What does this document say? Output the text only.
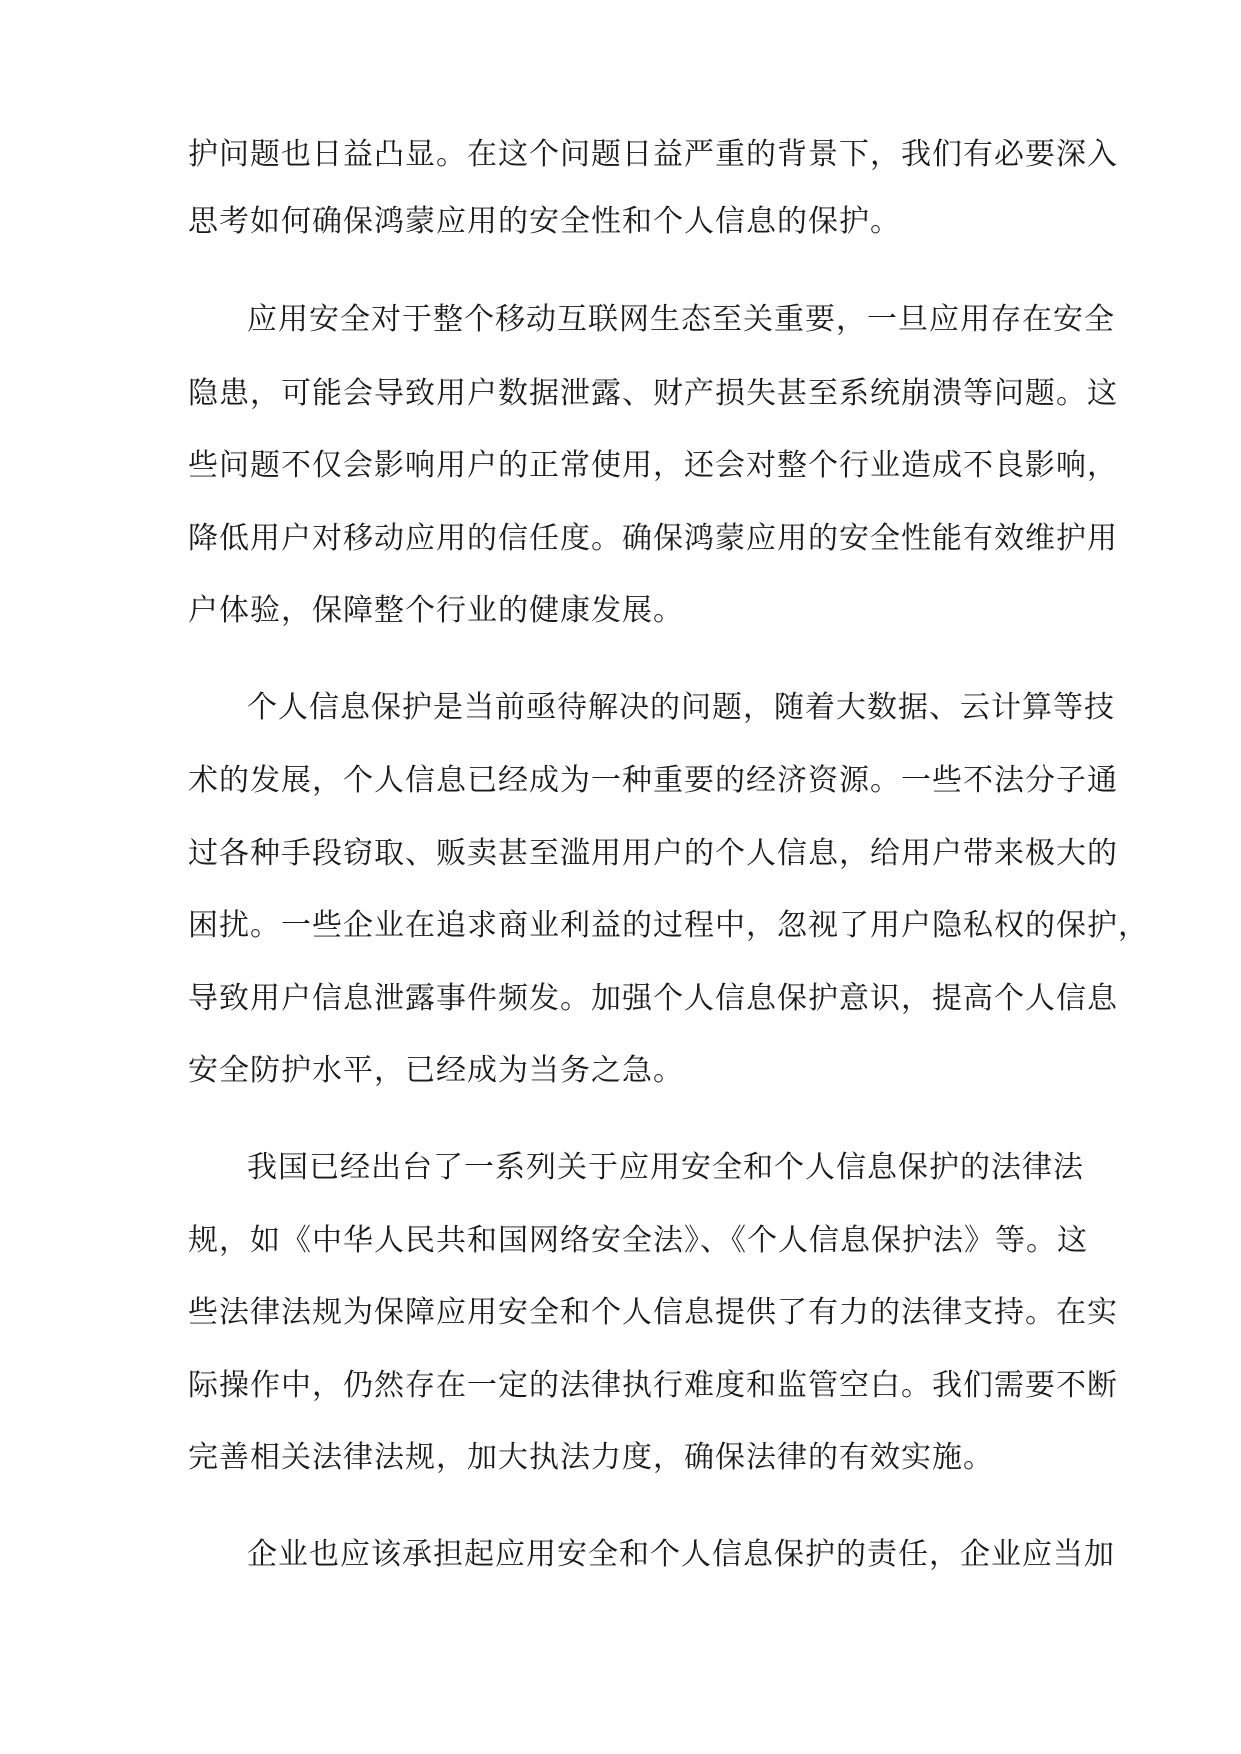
护问题也日益凸显。在这个问题日益严重的背景下，我们有必要深入
思考如何确保鸿蒙应用的安全性和个人信息的保护。
应用安全对于整个移动互联网生态至关重要，一旦应用存在安全
隐患，可能会导致用户数据泄露、财产损失甚至系统崩溃等问题。这
些问题不仅会影响用户的正常使用，还会对整个行业造成不良影响，
降低用户对移动应用的信任度。确保鸿蒙应用的安全性能有效维护用
户体验，保障整个行业的健康发展。
个人信息保护是当前亟待解决的问题，随着大数据、云计算等技
术的发展，个人信息已经成为一种重要的经济资源。一些不法分子通
过各种手段窃取、贩卖甚至滥用用户的个人信息，给用户带来极大的
困扰。一些企业在追求商业利益的过程中，忽视了用户隐私权的保护，
导致用户信息泄露事件频发。加强个人信息保护意识，提高个人信息
安全防护水平，已经成为当务之急。
我国已经出台了一系列关于应用安全和个人信息保护的法律法
规，如《中华人民共和国网络安全法》、《个人信息保护法》等。这
些法律法规为保障应用安全和个人信息提供了有力的法律支持。在实
际操作中，仍然存在一定的法律执行难度和监管空白。我们需要不断
完善相关法律法规，加大执法力度，确保法律的有效实施。
企业也应该承担起应用安全和个人信息保护的责任，企业应当加
